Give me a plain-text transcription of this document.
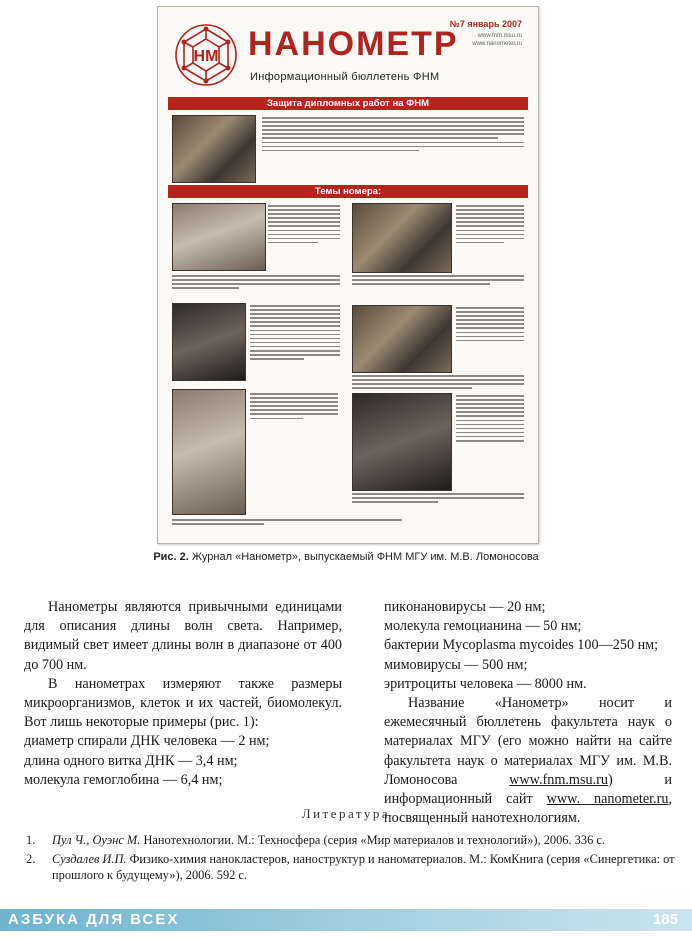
НМ НАНОМЕТР
№7 январь 2007
www.fnm.msu.ru
www.nanometer.ru
Информационный бюллетень ФНМ
Защита дипломных работ на ФНМ
Темы номера:
Рис. 2. Журнал «Нанометр», выпускаемый ФНМ МГУ им. М.В. Ломоносова

Нанометры являются привычными единицами для описания длины волн света. Например, видимый свет имеет длины волн в диапазоне от 400 до 700 нм.

В нанометрах измеряют также размеры микроорганизмов, клеток и их частей, биомолекул. Вот лишь некоторые примеры (рис. 1):

диаметр спирали ДНК человека — 2 нм;

длина одного витка ДНК — 3,4 нм;

молекула гемоглобина — 6,4 нм;

пикoнановирусы — 20 нм;

молекула гемоцианина — 50 нм;

бактерии Mycoplasma mycoides 100—250 нм;

мимовирусы — 500 нм;

эритроциты человека — 8000 нм.

Название «Нанометр» носит и ежемесячный бюллетень факультета наук о материалах МГУ (его можно найти на сайте факультета наук о материалах МГУ им. М.В. Ломоносова www.fnm.msu.ru) и информационный сайт www. nanometer.ru, посвященный нанотехнологиям.

Литература
1. Пул Ч., Оуэнс М. Нанотехнологии. М.: Техносфера (серия «Мир материалов и технологий»), 2006. 336 с.
2. Суздалев И.П. Физико-химия нанокластеров, наноструктур и наноматериалов. М.: КомКнига (серия «Синергетика: от прошлого к будущему»), 2006. 592 с.
АЗБУКА ДЛЯ ВСЕХ	185
